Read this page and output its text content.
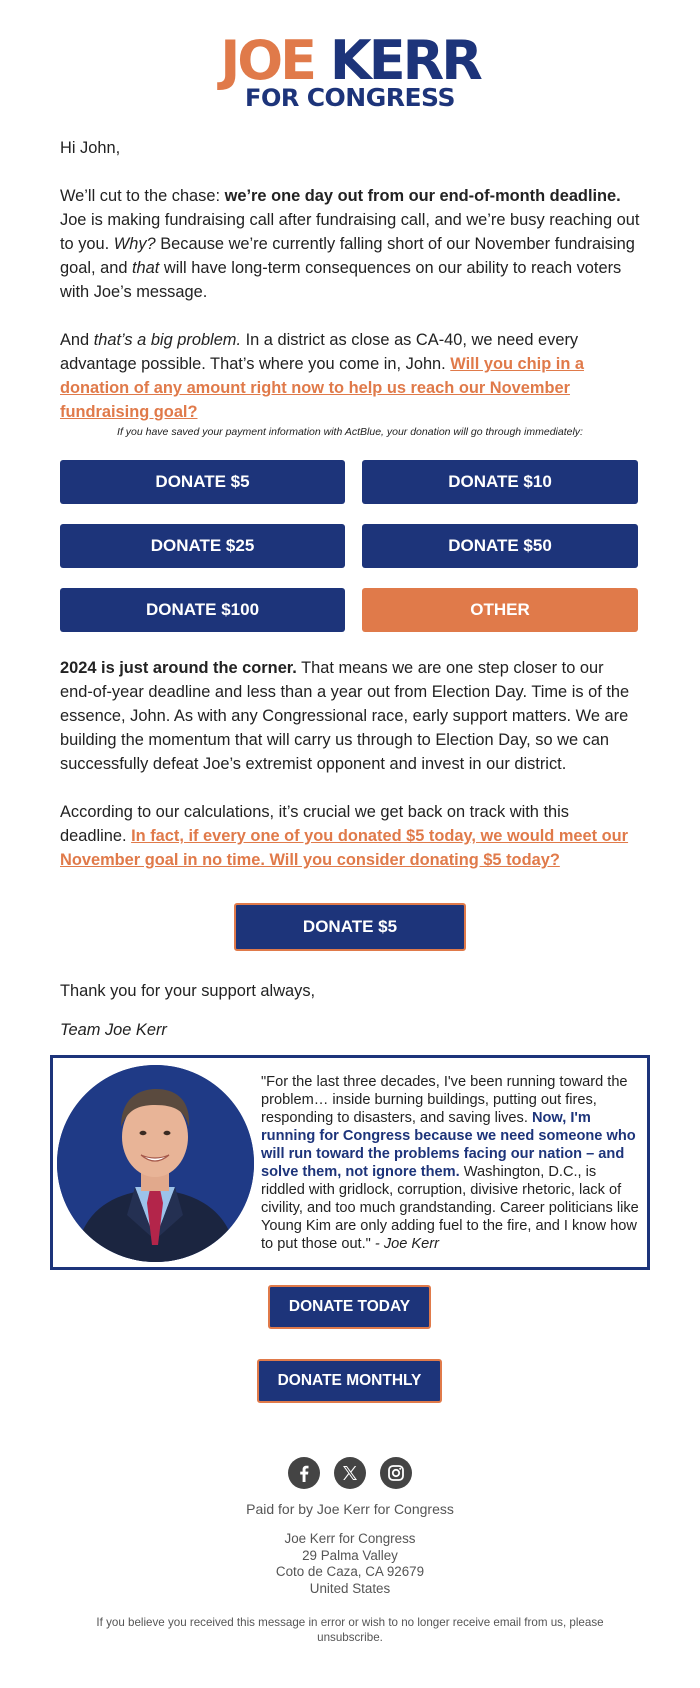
JOE KERR
FOR CONGRESS
Hi John,
We’ll cut to the chase: we’re one day out from our end-of-month deadline. Joe is making fundraising call after fundraising call, and we’re busy reaching out to you. Why? Because we’re currently falling short of our November fundraising goal, and that will have long-term consequences on our ability to reach voters with Joe’s message.
And that’s a big problem. In a district as close as CA-40, we need every advantage possible. That’s where you come in, John. Will you chip in a donation of any amount right now to help us reach our November fundraising goal?
If you have saved your payment information with ActBlue, your donation will go through immediately:
DONATE $5	DONATE $10
DONATE $25	DONATE $50
DONATE $100	OTHER
2024 is just around the corner. That means we are one step closer to our end-of-year deadline and less than a year out from Election Day. Time is of the essence, John. As with any Congressional race, early support matters. We are building the momentum that will carry us through to Election Day, so we can successfully defeat Joe’s extremist opponent and invest in our district.
According to our calculations, it’s crucial we get back on track with this deadline. In fact, if every one of you donated $5 today, we would meet our November goal in no time. Will you consider donating $5 today?
DONATE $5
Thank you for your support always,
Team Joe Kerr
"For the last three decades, I've been running toward the problem… inside burning buildings, putting out fires, responding to disasters, and saving lives. Now, I'm running for Congress because we need someone who will run toward the problems facing our nation – and solve them, not ignore them. Washington, D.C., is riddled with gridlock, corruption, divisive rhetoric, lack of civility, and too much grandstanding. Career politicians like Young Kim are only adding fuel to the fire, and I know how to put those out." - Joe Kerr
DONATE TODAY
DONATE MONTHLY
Paid for by Joe Kerr for Congress
Joe Kerr for Congress
29 Palma Valley
Coto de Caza, CA 92679
United States
If you believe you received this message in error or wish to no longer receive email from us, please
unsubscribe.
